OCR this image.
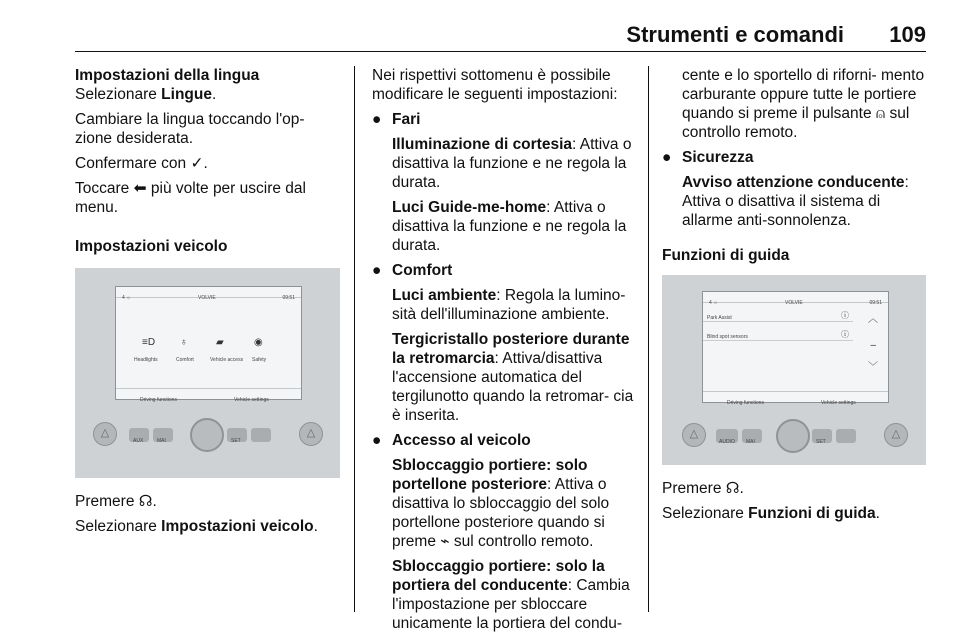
Strumenti e comandi 109
Impostazioni della lingua

Selezionare Lingue.

Cambiare la lingua toccando l'op- zione desiderata.

Confermare con ✓.

Toccare ⬅ più volte per uscire dal menu.

Impostazioni veicolo
4 ☼	VOLVIE	09:51
≡D ♁	▰	◉
Headlights	Comfort	Vehicle access Safety
Driving functions	Vehicle settings
△	△
AUX	MAI	SET

Premere ☊.

Selezionare Impostazioni veicolo.

Nei rispettivi sottomenu è possibile modificare le seguenti impostazioni:

● Fari

Illuminazione di cortesia: Attiva o disattiva la funzione e ne regola la durata.

Luci Guide-me-home: Attiva o disattiva la funzione e ne regola la durata.

● Comfort

Luci ambiente: Regola la lumino- sità dell'illuminazione ambiente.

Tergicristallo posteriore durante la retromarcia: Attiva/disattiva l'accensione automatica del tergilunotto quando la retromar- cia è inserita.

● Accesso al veicolo

Sbloccaggio portiere: solo portellone posteriore: Attiva o disattiva lo sbloccaggio del solo portellone posteriore quando si preme ⌁ sul controllo remoto.

Sbloccaggio portiere: solo la portiera del conducente: Cambia l'impostazione per sbloccare unicamente la portiera del condu-

cente e lo sportello di riforni- mento carburante oppure tutte le portiere quando si preme il pulsante ⍝ sul controllo remoto.

● Sicurezza

Avviso attenzione conducente: Attiva o disattiva il sistema di allarme anti-sonnolenza.

Funzioni di guida
4 ☼	VOLVIE	09:51
Park Assist	ⓘ
Blind spot sensors	ⓘ
︿
–
﹀
Driving functions	Vehicle settings
△	△
AUDIO MAI	SET

Premere ☊.

Selezionare Funzioni di guida.
